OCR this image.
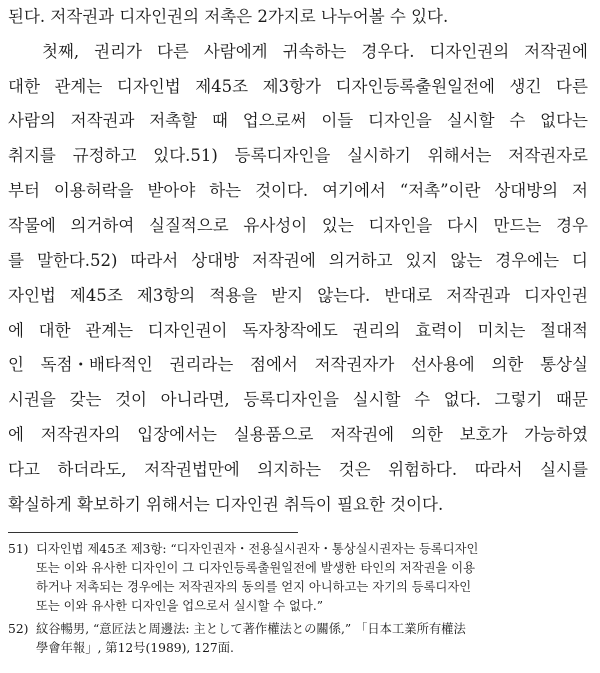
된다. 저작권과 디자인권의 저촉은 2가지로 나누어볼 수 있다.
첫째, 권리가 다른 사람에게 귀속하는 경우다. 디자인권의 저작권에
대한 관계는 디자인법 제45조 제3항가 디자인등록출원일전에 생긴 다른
사람의 저작권과 저촉할 때 업으로써 이들 디자인을 실시할 수 없다는
취지를 규정하고 있다.51) 등록디자인을 실시하기 위해서는 저작권자로
부터 이용허락을 받아야 하는 것이다. 여기에서 “저촉”이란 상대방의 저
작물에 의거하여 실질적으로 유사성이 있는 디자인을 다시 만드는 경우
를 말한다.52) 따라서 상대방 저작권에 의거하고 있지 않는 경우에는 디
자인법 제45조 제3항의 적용을 받지 않는다. 반대로 저작권과 디자인권
에 대한 관계는 디자인권이 독자창작에도 권리의 효력이 미치는 절대적
인 독점・배타적인 권리라는 점에서 저작권자가 선사용에 의한 통상실
시권을 갖는 것이 아니라면, 등록디자인을 실시할 수 없다. 그렇기 때문
에 저작권자의 입장에서는 실용품으로 저작권에 의한 보호가 가능하였
다고 하더라도, 저작권법만에 의지하는 것은 위험하다. 따라서 실시를
확실하게 확보하기 위해서는 디자인권 취득이 필요한 것이다.
51) 디자인법 제45조 제3항: “디자인권자・전용실시권자・통상실시권자는 등록디자인
또는 이와 유사한 디자인이 그 디자인등록출원일전에 발생한 타인의 저작권을 이용
하거나 저촉되는 경우에는 저작권자의 동의를 얻지 아니하고는 자기의 등록디자인
또는 이와 유사한 디자인을 업으로서 실시할 수 없다.”
52) 紋谷暢男, “意匠法と周邊法: 主として著作權法との關係,” 「日本工業所有權法
學會年報」, 第12号(1989), 127面.
